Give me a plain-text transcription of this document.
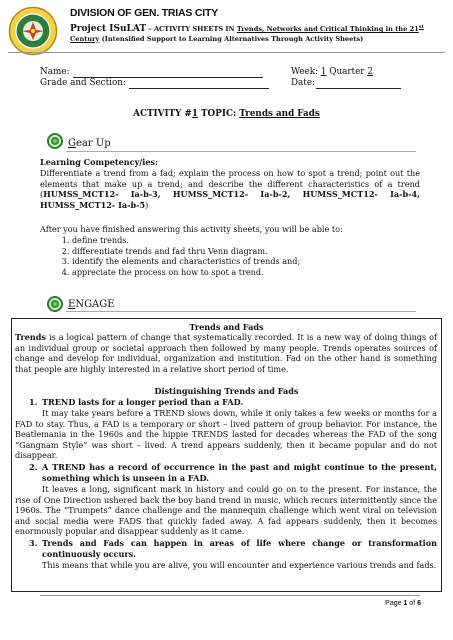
DIVISION OF GEN. TRIAS CITY
Project ISuLAT – ACTIVITY SHEETS IN Trends, Networks and Critical Thinking in the 21st Century (Intensified Support to Learning Alternatives Through Activity Sheets)
Name:
Grade and Section:
Week: 1 Quarter 2
Date:
ACTIVITY #1 TOPIC: Trends and Fads
Gear Up
Learning Competency/ies:
Differentiate a trend from a fad; explain the process on how to spot a trend; point out the elements that make up a trend; and describe the different characteristics of a trend (HUMSS_MCT12- Ia-b-3, HUMSS_MCT12- Ia-b-2, HUMSS_MCT12- Ia-b-4, HUMSS_MCT12- Ia-b-5)
After you have finished answering this activity sheets, you will be able to:
1. define trends.
2. differentiate trends and fad thru Venn diagram.
3. identify the elements and characteristics of trends and;
4. appreciate the process on how to spot a trend.
ENGAGE
Trends and Fads
Trends is a logical pattern of change that systematically recorded. It is a new way of doing things of an individual group or societal approach then followed by many people. Trends operates sources of change and develop for individual, organization and institution. Fad on the other hand is something that people are highly interested in a relative short period of time.
Distinguishing Trends and Fads
1. TREND lasts for a longer period than a FAD.
It may take years before a TREND slows down, while it only takes a few weeks or months for a FAD to stay. Thus, a FAD is a temporary or short – lived pattern of group behavior. For instance, the Beatlemania in the 1960s and the hippie TRENDS lasted for decades whereas the FAD of the song “Gangnam Style” was short – lived. A trend appears suddenly, then it became popular and do not disappear.
2. A TREND has a record of occurrence in the past and might continue to the present, something which is unseen in a FAD.
It leaves a long, significant mark in history and could go on to the present. For instance, the rise of One Direction ushered back the boy band trend in music, which recurs intermittently since the 1960s. The “Trumpets” dance challenge and the mannequin challenge which went viral on television and social media were FADS that quickly faded away. A fad appears suddenly, then it becomes enormously popular and disappear suddenly as it came.
3. Trends and Fads can happen in areas of life where change or transformation continuously occurs.
This means that while you are alive, you will encounter and experience various trends and fads.
Page 1 of 6
